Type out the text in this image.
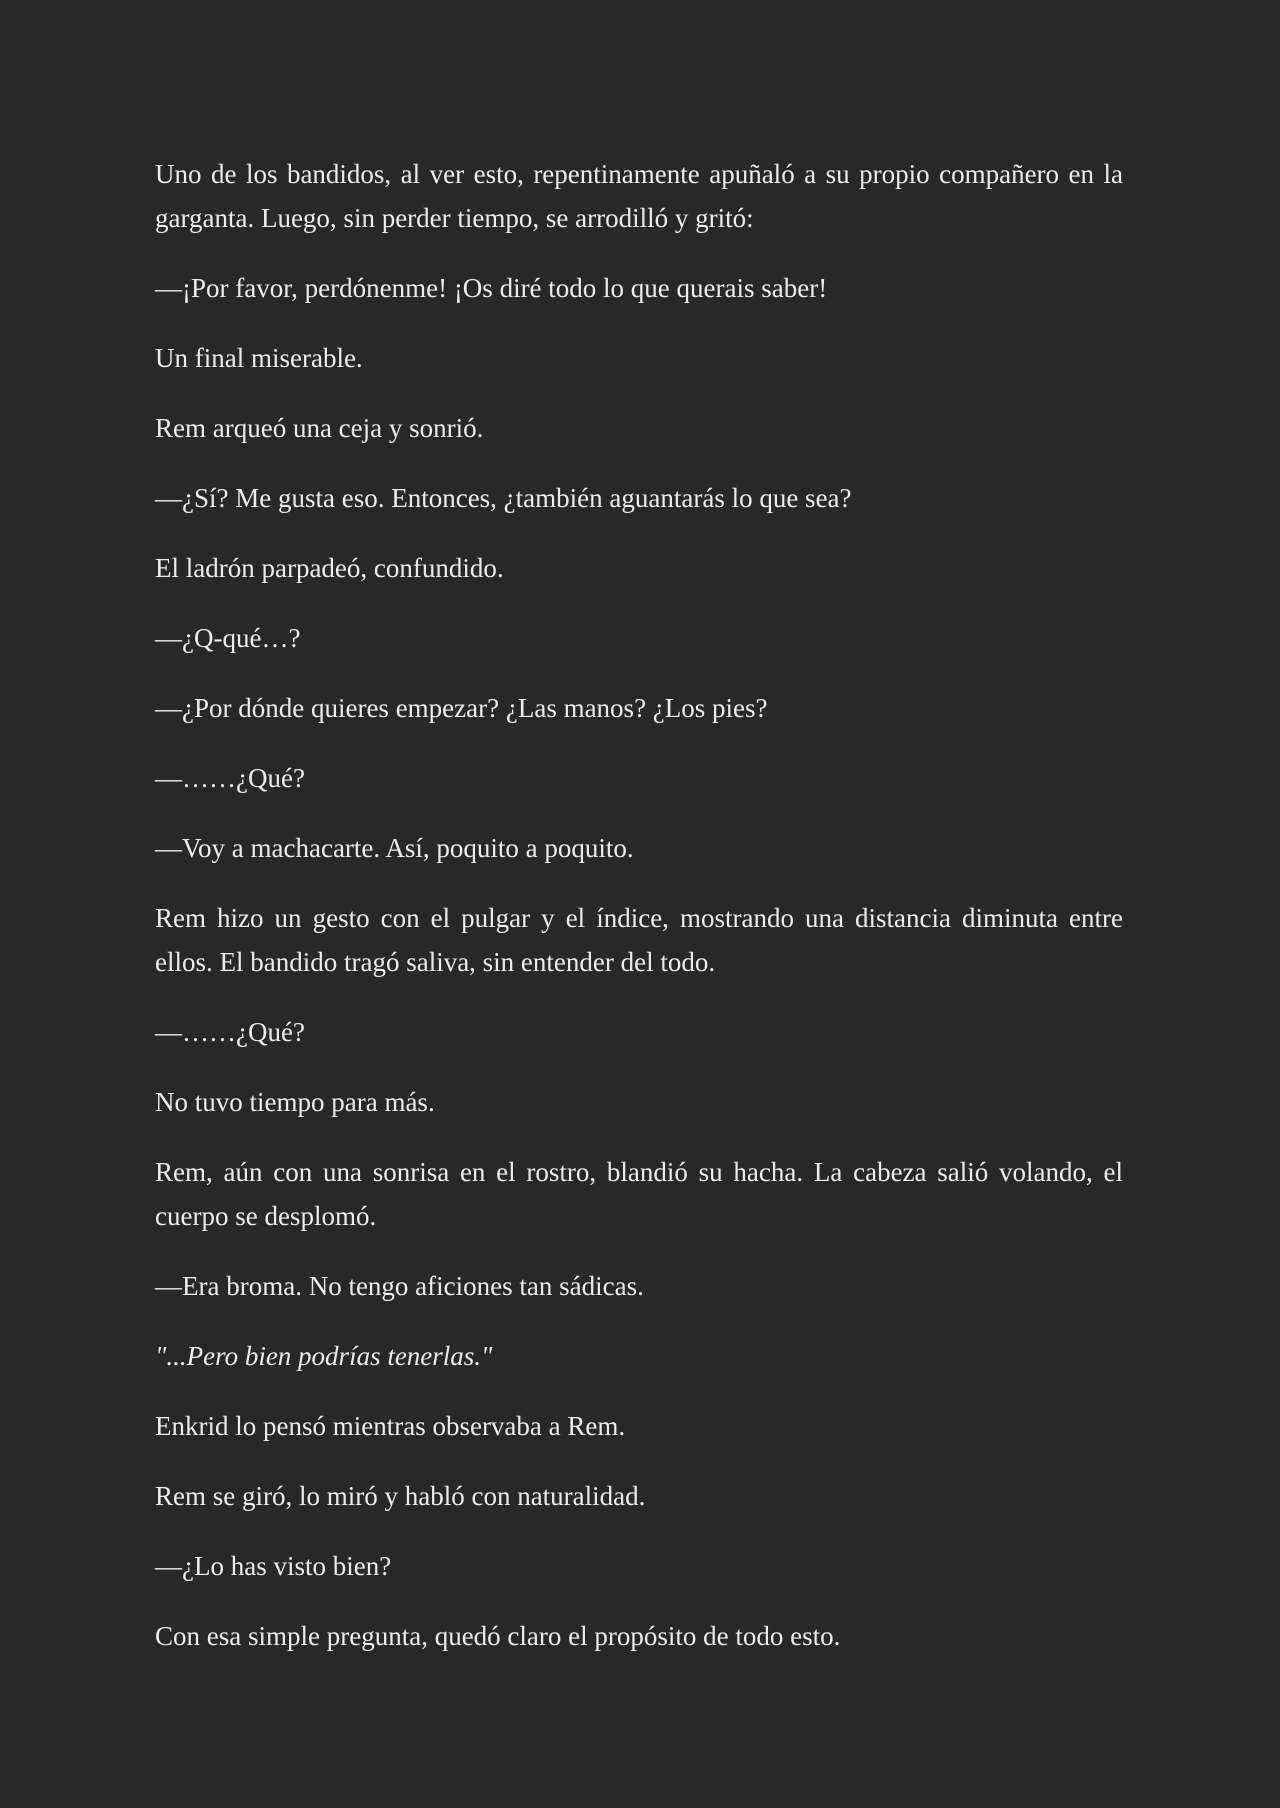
Uno de los bandidos, al ver esto, repentinamente apuñaló a su propio compañero en la garganta. Luego, sin perder tiempo, se arrodilló y gritó:

—¡Por favor, perdónenme! ¡Os diré todo lo que querais saber!

Un final miserable.

Rem arqueó una ceja y sonrió.

—¿Sí? Me gusta eso. Entonces, ¿también aguantarás lo que sea?

El ladrón parpadeó, confundido.

—¿Q-qué…?

—¿Por dónde quieres empezar? ¿Las manos? ¿Los pies?

—……¿Qué?

—Voy a machacarte. Así, poquito a poquito.

Rem hizo un gesto con el pulgar y el índice, mostrando una distancia diminuta entre ellos. El bandido tragó saliva, sin entender del todo.

—……¿Qué?

No tuvo tiempo para más.

Rem, aún con una sonrisa en el rostro, blandió su hacha. La cabeza salió volando, el cuerpo se desplomó.

—Era broma. No tengo aficiones tan sádicas.

"...Pero bien podrías tenerlas."

Enkrid lo pensó mientras observaba a Rem.

Rem se giró, lo miró y habló con naturalidad.

—¿Lo has visto bien?

Con esa simple pregunta, quedó claro el propósito de todo esto.
